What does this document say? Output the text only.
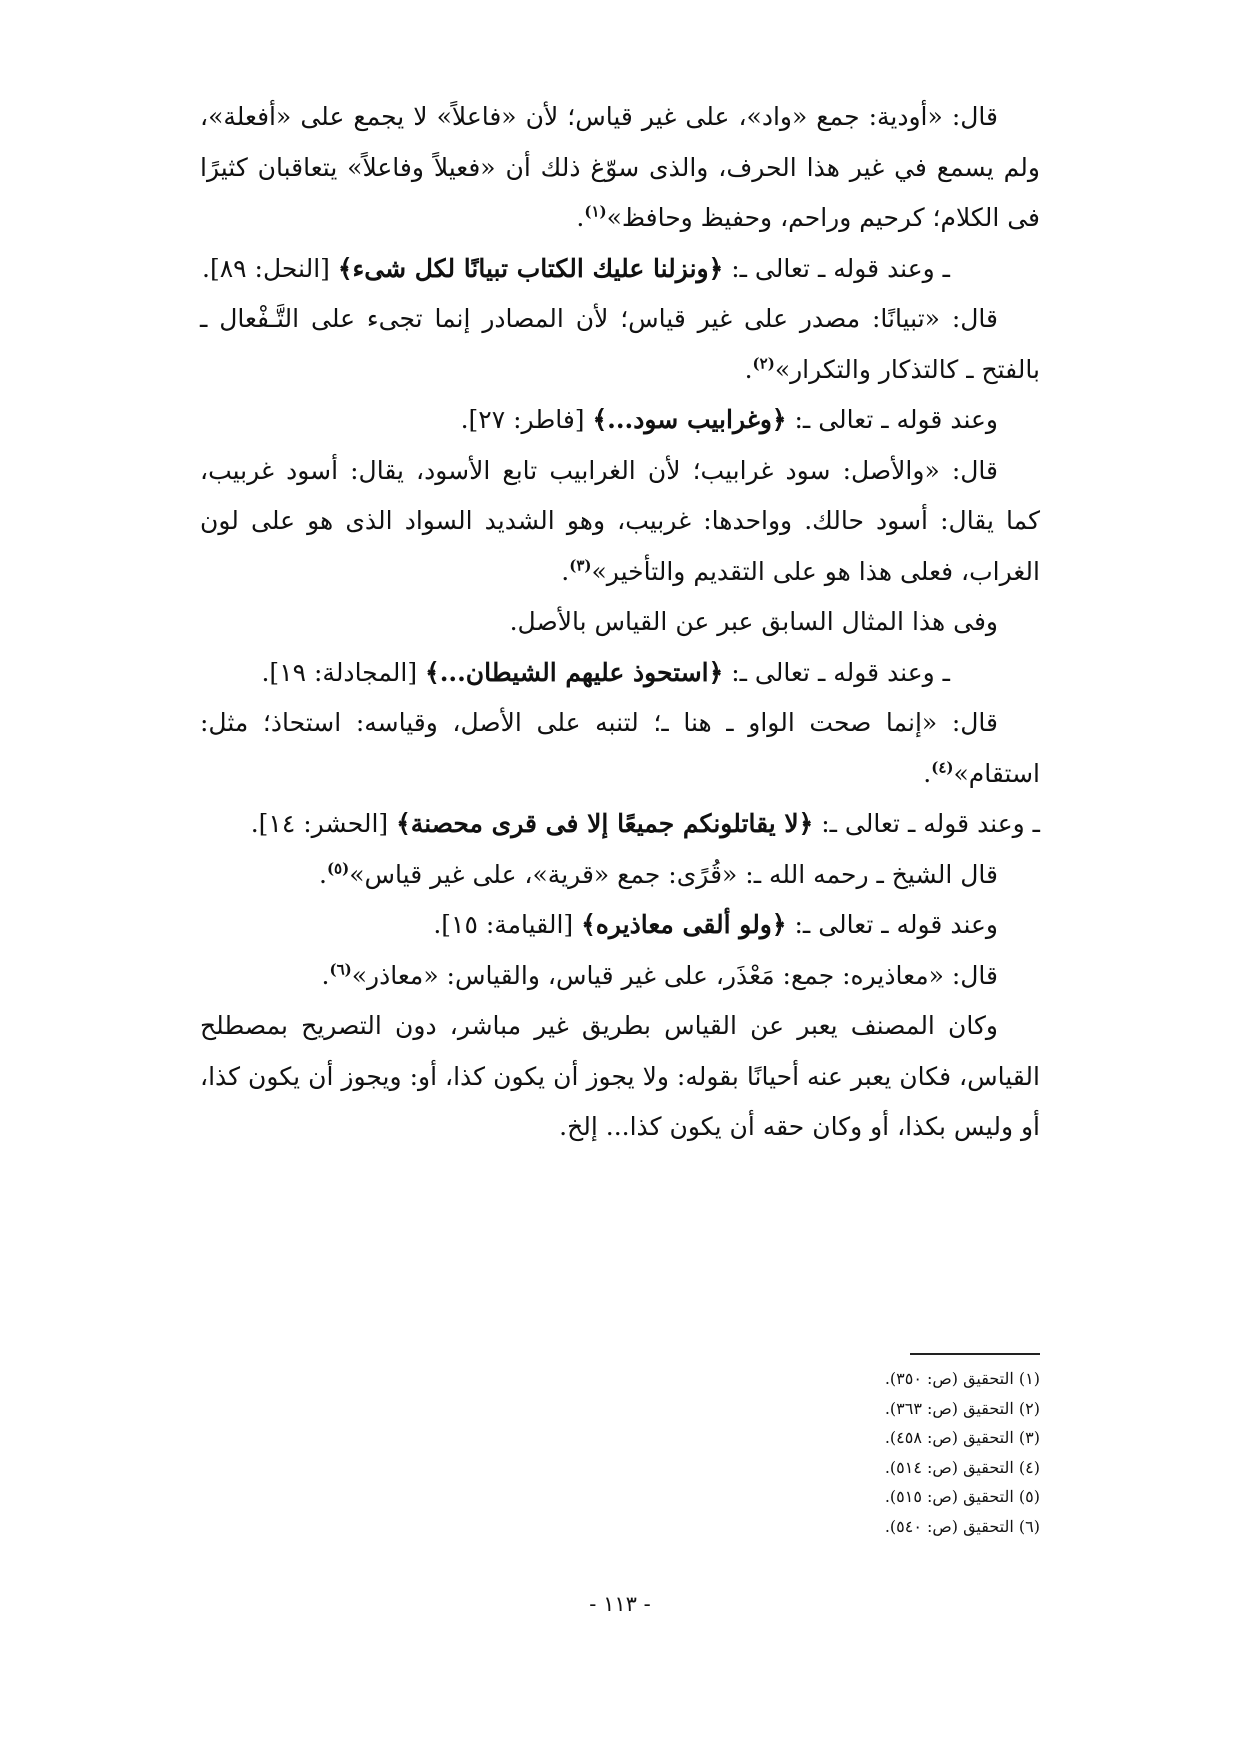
قال: «أودية: جمع «واد»، على غير قياس؛ لأن «فاعلاً» لا يجمع على «أفعلة»، ولم يسمع في غير هذا الحرف، والذى سوّغ ذلك أن «فعيلاً وفاعلاً» يتعاقبان كثيرًا فى الكلام؛ كرحيم وراحم، وحفيظ وحافظ»$^{(١)}$.

ـ وعند قوله ـ تعالى ـ: ﴿ونزلنا عليك الكتاب تبيانًا لكل شىء﴾ [النحل: ٨٩].

قال: «تبيانًا: مصدر على غير قياس؛ لأن المصادر إنما تجىء على التَّـفْعال ـ بالفتح ـ كالتذكار والتكرار»$^{(٢)}$.

وعند قوله ـ تعالى ـ: ﴿وغرابيب سود...﴾ [فاطر: ٢٧].

قال: «والأصل: سود غرابيب؛ لأن الغرابيب تابع الأسود، يقال: أسود غربيب، كما يقال: أسود حالك. وواحدها: غربيب، وهو الشديد السواد الذى هو على لون الغراب، فعلى هذا هو على التقديم والتأخير»$^{(٣)}$.

وفى هذا المثال السابق عبر عن القياس بالأصل.

ـ وعند قوله ـ تعالى ـ: ﴿استحوذ عليهم الشيطان...﴾ [المجادلة: ١٩].

قال: «إنما صحت الواو ـ هنا ـ؛ لتنبه على الأصل، وقياسه: استحاذ؛ مثل: استقام»$^{(٤)}$.

ـ وعند قوله ـ تعالى ـ: ﴿لا يقاتلونكم جميعًا إلا فى قرى محصنة﴾ [الحشر: ١٤].

قال الشيخ ـ رحمه الله ـ: «قُرًى: جمع «قرية»، على غير قياس»$^{(٥)}$.

وعند قوله ـ تعالى ـ: ﴿ولو ألقى معاذيره﴾ [القيامة: ١٥].

قال: «معاذيره: جمع: مَعْذَر، على غير قياس، والقياس: «معاذر»$^{(٦)}$.

وكان المصنف يعبر عن القياس بطريق غير مباشر، دون التصريح بمصطلح القياس، فكان يعبر عنه أحيانًا بقوله: ولا يجوز أن يكون كذا، أو: ويجوز أن يكون كذا، أو وليس بكذا، أو وكان حقه أن يكون كذا... إلخ.

(١) التحقيق (ص: ٣٥٠).

(٢) التحقيق (ص: ٣٦٣).

(٣) التحقيق (ص: ٤٥٨).

(٤) التحقيق (ص: ٥١٤).

(٥) التحقيق (ص: ٥١٥).

(٦) التحقيق (ص: ٥٤٠).

- ١١٣ -
